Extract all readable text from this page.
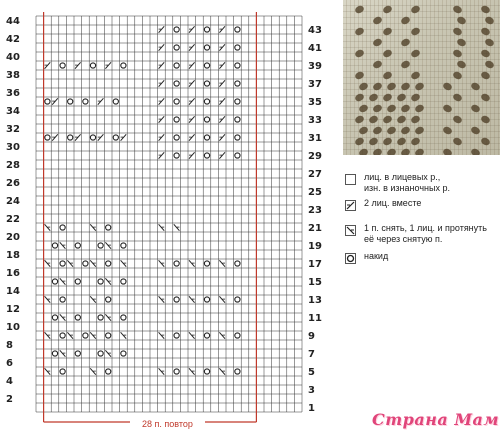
2
4
6
8
10
12
14
16
18
20
22
24
26
28
30
32
34
36
38
40
42
44
1
3
5
7
9
11
13
15
17
19
21
23
25
27
29
31
33
35
37
39
41
43
лиц. в лицевых р.,
изн. в изнаночных р.
2 лиц. вместе
1 п. снять, 1 лиц. и протянуть
её через снятую п.
накид
28 п. повтор	Страна Мам
